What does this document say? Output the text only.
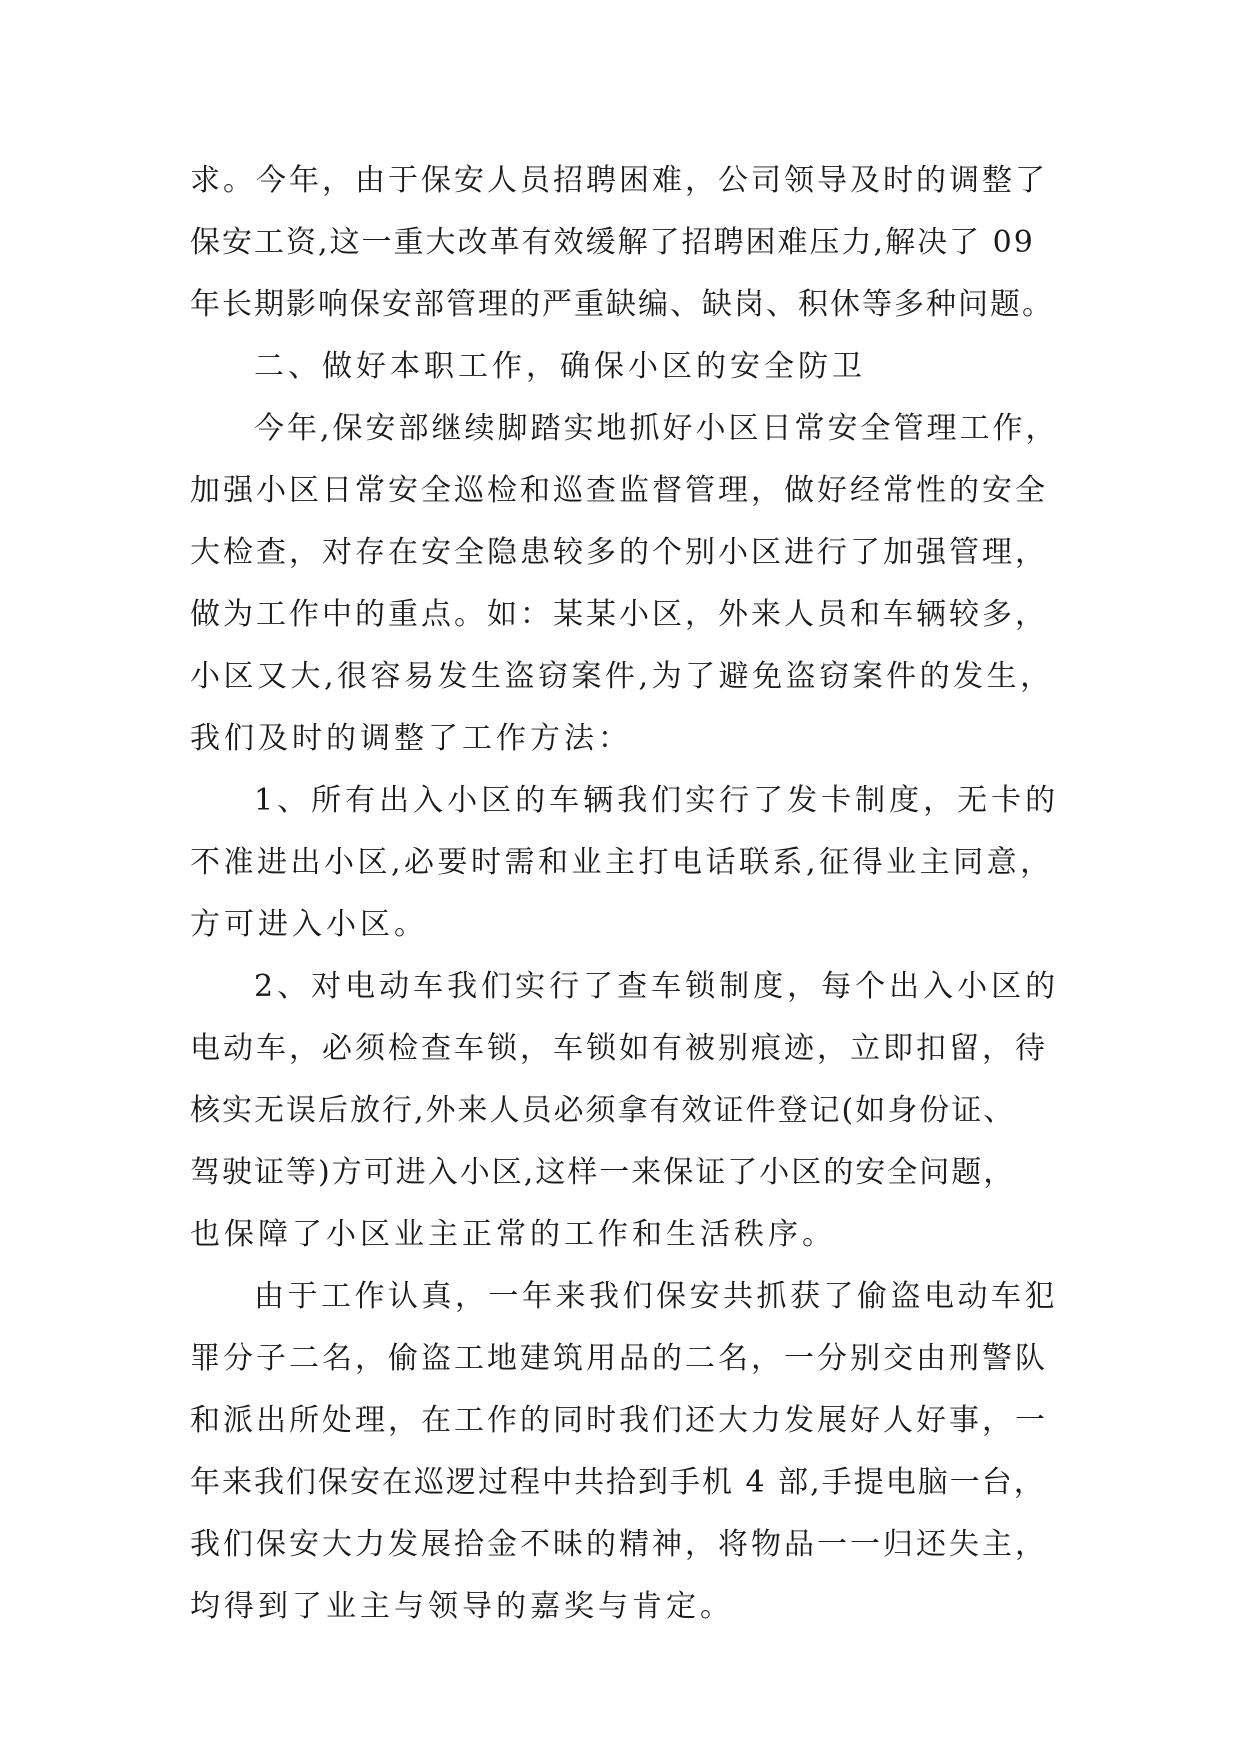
求。今年，由于保安人员招聘困难，公司领导及时的调整了
保安工资,这一重大改革有效缓解了招聘困难压力,解决了 09
年长期影响保安部管理的严重缺编、缺岗、积休等多种问题。
二、做好本职工作，确保小区的安全防卫
今年,保安部继续脚踏实地抓好小区日常安全管理工作，
加强小区日常安全巡检和巡查监督管理，做好经常性的安全
大检查，对存在安全隐患较多的个别小区进行了加强管理，
做为工作中的重点。如：某某小区，外来人员和车辆较多，
小区又大,很容易发生盗窃案件,为了避免盗窃案件的发生，
我们及时的调整了工作方法：
1、所有出入小区的车辆我们实行了发卡制度，无卡的
不准进出小区,必要时需和业主打电话联系,征得业主同意，
方可进入小区。
2、对电动车我们实行了查车锁制度，每个出入小区的
电动车，必须检查车锁，车锁如有被别痕迹，立即扣留，待
核实无误后放行,外来人员必须拿有效证件登记(如身份证、
驾驶证等)方可进入小区,这样一来保证了小区的安全问题，
也保障了小区业主正常的工作和生活秩序。
由于工作认真，一年来我们保安共抓获了偷盗电动车犯
罪分子二名，偷盗工地建筑用品的二名，一分别交由刑警队
和派出所处理，在工作的同时我们还大力发展好人好事，一
年来我们保安在巡逻过程中共拾到手机 4 部,手提电脑一台，
我们保安大力发展拾金不昧的精神，将物品一一归还失主，
均得到了业主与领导的嘉奖与肯定。
